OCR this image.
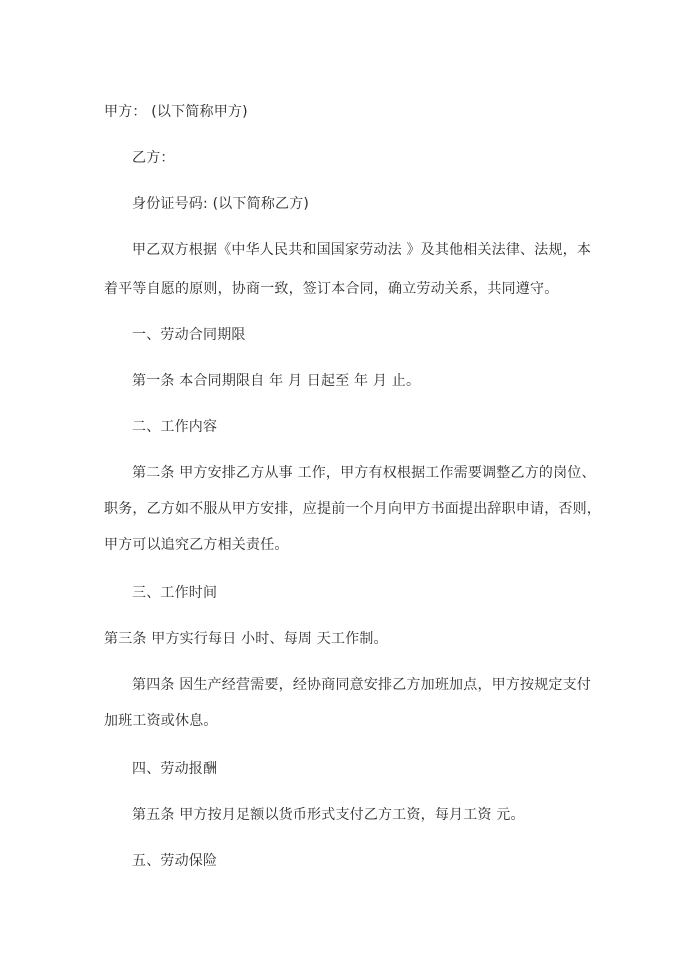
甲方： (以下简称甲方)
乙方：
身份证号码: (以下简称乙方)
甲乙双方根据《中华人民共和国国家劳动法 》及其他相关法律、法规，本
着平等自愿的原则，协商一致，签订本合同，确立劳动关系，共同遵守。
一、劳动合同期限
第一条 本合同期限自 年 月 日起至 年 月 止。
二、工作内容
第二条 甲方安排乙方从事 工作，甲方有权根据工作需要调整乙方的岗位、
职务，乙方如不服从甲方安排，应提前一个月向甲方书面提出辞职申请，否则，
甲方可以追究乙方相关责任。
三、工作时间
第三条 甲方实行每日 小时、每周 天工作制。
第四条 因生产经营需要，经协商同意安排乙方加班加点，甲方按规定支付
加班工资或休息。
四、劳动报酬
第五条 甲方按月足额以货币形式支付乙方工资，每月工资 元。
五、劳动保险
